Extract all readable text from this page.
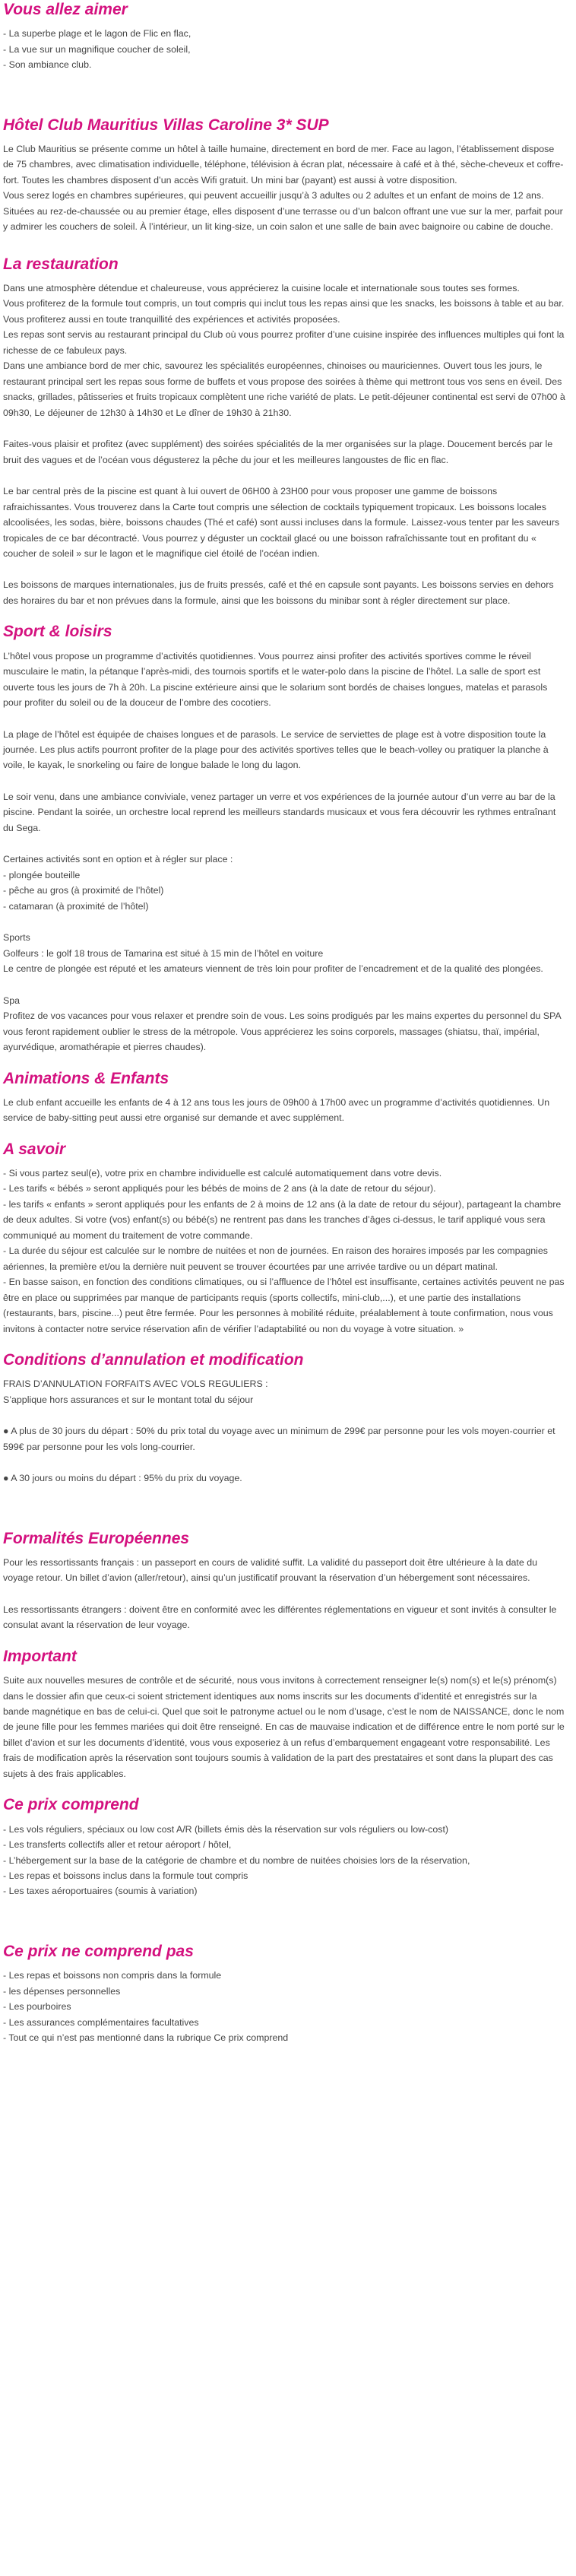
Vous allez aimer

- La superbe plage et le lagon de Flic en flac,

- La vue sur un magnifique coucher de soleil,

- Son ambiance club.

Hôtel Club Mauritius Villas Caroline 3* SUP

Le Club Mauritius se présente comme un hôtel à taille humaine, directement en bord de mer. Face au lagon, l’établissement dispose de 75 chambres, avec climatisation individuelle, téléphone, télévision à écran plat, nécessaire à café et à thé, sèche-cheveux et coffre-fort. Toutes les chambres disposent d’un accès Wifi gratuit. Un mini bar (payant) est aussi à votre disposition.

Vous serez logés en chambres supérieures, qui peuvent accueillir jusqu’à 3 adultes ou 2 adultes et un enfant de moins de 12 ans. Situées au rez-de-chaussée ou au premier étage, elles disposent d’une terrasse ou d’un balcon offrant une vue sur la mer, parfait pour y admirer les couchers de soleil. À l’intérieur, un lit king-size, un coin salon et une salle de bain avec baignoire ou cabine de douche.

La restauration

Dans une atmosphère détendue et chaleureuse, vous apprécierez la cuisine locale et internationale sous toutes ses formes.

Vous profiterez de la formule tout compris, un tout compris qui inclut tous les repas ainsi que les snacks, les boissons à table et au bar. Vous profiterez aussi en toute tranquillité des expériences et activités proposées.

Les repas sont servis au restaurant principal du Club où vous pourrez profiter d’une cuisine inspirée des influences multiples qui font la richesse de ce fabuleux pays.

Dans une ambiance bord de mer chic, savourez les spécialités européennes, chinoises ou mauriciennes. Ouvert tous les jours, le restaurant principal sert les repas sous forme de buffets et vous propose des soirées à thème qui mettront tous vos sens en éveil. Des snacks, grillades, pâtisseries et fruits tropicaux complètent une riche variété de plats. Le petit-déjeuner continental est servi de 07h00 à 09h30, Le déjeuner de 12h30 à 14h30 et Le dîner de 19h30 à 21h30.

Faites-vous plaisir et profitez (avec supplément) des soirées spécialités de la mer organisées sur la plage. Doucement bercés par le bruit des vagues et de l’océan vous dégusterez la pêche du jour et les meilleures langoustes de flic en flac.

Le bar central près de la piscine est quant à lui ouvert de 06H00 à 23H00 pour vous proposer une gamme de boissons rafraichissantes. Vous trouverez dans la Carte tout compris une sélection de cocktails typiquement tropicaux. Les boissons locales alcoolisées, les sodas, bière, boissons chaudes (Thé et café) sont aussi incluses dans la formule. Laissez-vous tenter par les saveurs tropicales de ce bar décontracté. Vous pourrez y déguster un cocktail glacé ou une boisson rafraîchissante tout en profitant du « coucher de soleil » sur le lagon et le magnifique ciel étoilé de l’océan indien.

Les boissons de marques internationales, jus de fruits pressés, café et thé en capsule sont payants. Les boissons servies en dehors des horaires du bar et non prévues dans la formule, ainsi que les boissons du minibar sont à régler directement sur place.

Sport & loisirs

L’hôtel vous propose un programme d’activités quotidiennes. Vous pourrez ainsi profiter des activités sportives comme le réveil musculaire le matin, la pétanque l’après-midi, des tournois sportifs et le water-polo dans la piscine de l’hôtel. La salle de sport est ouverte tous les jours de 7h à 20h. La piscine extérieure ainsi que le solarium sont bordés de chaises longues, matelas et parasols pour profiter du soleil ou de la douceur de l’ombre des cocotiers.

La plage de l’hôtel est équipée de chaises longues et de parasols. Le service de serviettes de plage est à votre disposition toute la journée. Les plus actifs pourront profiter de la plage pour des activités sportives telles que le beach-volley ou pratiquer la planche à voile, le kayak, le snorkeling ou faire de longue balade le long du lagon.

Le soir venu, dans une ambiance conviviale, venez partager un verre et vos expériences de la journée autour d’un verre au bar de la piscine. Pendant la soirée, un orchestre local reprend les meilleurs standards musicaux et vous fera découvrir les rythmes entraînant du Sega.

Certaines activités sont en option et à régler sur place :

- plongée bouteille

- pêche au gros (à proximité de l’hôtel)

- catamaran (à proximité de l’hôtel)

Sports

Golfeurs : le golf 18 trous de Tamarina est situé à 15 min de l’hôtel en voiture

Le centre de plongée est réputé et les amateurs viennent de très loin pour profiter de l’encadrement et de la qualité des plongées.

Spa

Profitez de vos vacances pour vous relaxer et prendre soin de vous. Les soins prodigués par les mains expertes du personnel du SPA vous feront rapidement oublier le stress de la métropole. Vous apprécierez les soins corporels, massages (shiatsu, thaï, impérial, ayurvédique, aromathérapie et pierres chaudes).

Animations & Enfants

Le club enfant accueille les enfants de 4 à 12 ans tous les jours de 09h00 à 17h00 avec un programme d’activités quotidiennes. Un service de baby-sitting peut aussi etre organisé sur demande et avec supplément.

A savoir

- Si vous partez seul(e), votre prix en chambre individuelle est calculé automatiquement dans votre devis.

- Les tarifs « bébés » seront appliqués pour les bébés de moins de 2 ans (à la date de retour du séjour).

- les tarifs « enfants » seront appliqués pour les enfants de 2 à moins de 12 ans (à la date de retour du séjour), partageant la chambre de deux adultes. Si votre (vos) enfant(s) ou bébé(s) ne rentrent pas dans les tranches d’âges ci-dessus, le tarif appliqué vous sera communiqué au moment du traitement de votre commande.

- La durée du séjour est calculée sur le nombre de nuitées et non de journées. En raison des horaires imposés par les compagnies aériennes, la première et/ou la dernière nuit peuvent se trouver écourtées par une arrivée tardive ou un départ matinal.

- En basse saison, en fonction des conditions climatiques, ou si l’affluence de l’hôtel est insuffisante, certaines activités peuvent ne pas être en place ou supprimées par manque de participants requis (sports collectifs, mini-club,...), et une partie des installations (restaurants, bars, piscine...) peut être fermée. Pour les personnes à mobilité réduite, préalablement à toute confirmation, nous vous invitons à contacter notre service réservation afin de vérifier l’adaptabilité ou non du voyage à votre situation. »

Conditions d’annulation et modification

FRAIS D’ANNULATION FORFAITS AVEC VOLS REGULIERS :

S’applique hors assurances et sur le montant total du séjour

● A plus de 30 jours du départ : 50% du prix total du voyage avec un minimum de 299€ par personne pour les vols moyen-courrier et 599€ par personne pour les vols long-courrier.

● A 30 jours ou moins du départ : 95% du prix du voyage.

Formalités Européennes

Pour les ressortissants français : un passeport en cours de validité suffit. La validité du passeport doit être ultérieure à la date du voyage retour. Un billet d’avion (aller/retour), ainsi qu’un justificatif prouvant la réservation d’un hébergement sont nécessaires.

Les ressortissants étrangers : doivent être en conformité avec les différentes réglementations en vigueur et sont invités à consulter le consulat avant la réservation de leur voyage.

Important

Suite aux nouvelles mesures de contrôle et de sécurité, nous vous invitons à correctement renseigner le(s) nom(s) et le(s) prénom(s) dans le dossier afin que ceux-ci soient strictement identiques aux noms inscrits sur les documents d’identité et enregistrés sur la bande magnétique en bas de celui-ci. Quel que soit le patronyme actuel ou le nom d’usage, c’est le nom de NAISSANCE, donc le nom de jeune fille pour les femmes mariées qui doit être renseigné. En cas de mauvaise indication et de différence entre le nom porté sur le billet d’avion et sur les documents d’identité, vous vous exposeriez à un refus d’embarquement engageant votre responsabilité. Les frais de modification après la réservation sont toujours soumis à validation de la part des prestataires et sont dans la plupart des cas sujets à des frais applicables.

Ce prix comprend

- Les vols réguliers, spéciaux ou low cost A/R (billets émis dès la réservation sur vols réguliers ou low-cost)

- Les transferts collectifs aller et retour aéroport / hôtel,

- L’hébergement sur la base de la catégorie de chambre et du nombre de nuitées choisies lors de la réservation,

- Les repas et boissons inclus dans la formule tout compris

- Les taxes aéroportuaires (soumis à variation)

Ce prix ne comprend pas

- Les repas et boissons non compris dans la formule

- les dépenses personnelles

- Les pourboires

- Les assurances complémentaires facultatives

- Tout ce qui n’est pas mentionné dans la rubrique Ce prix comprend
